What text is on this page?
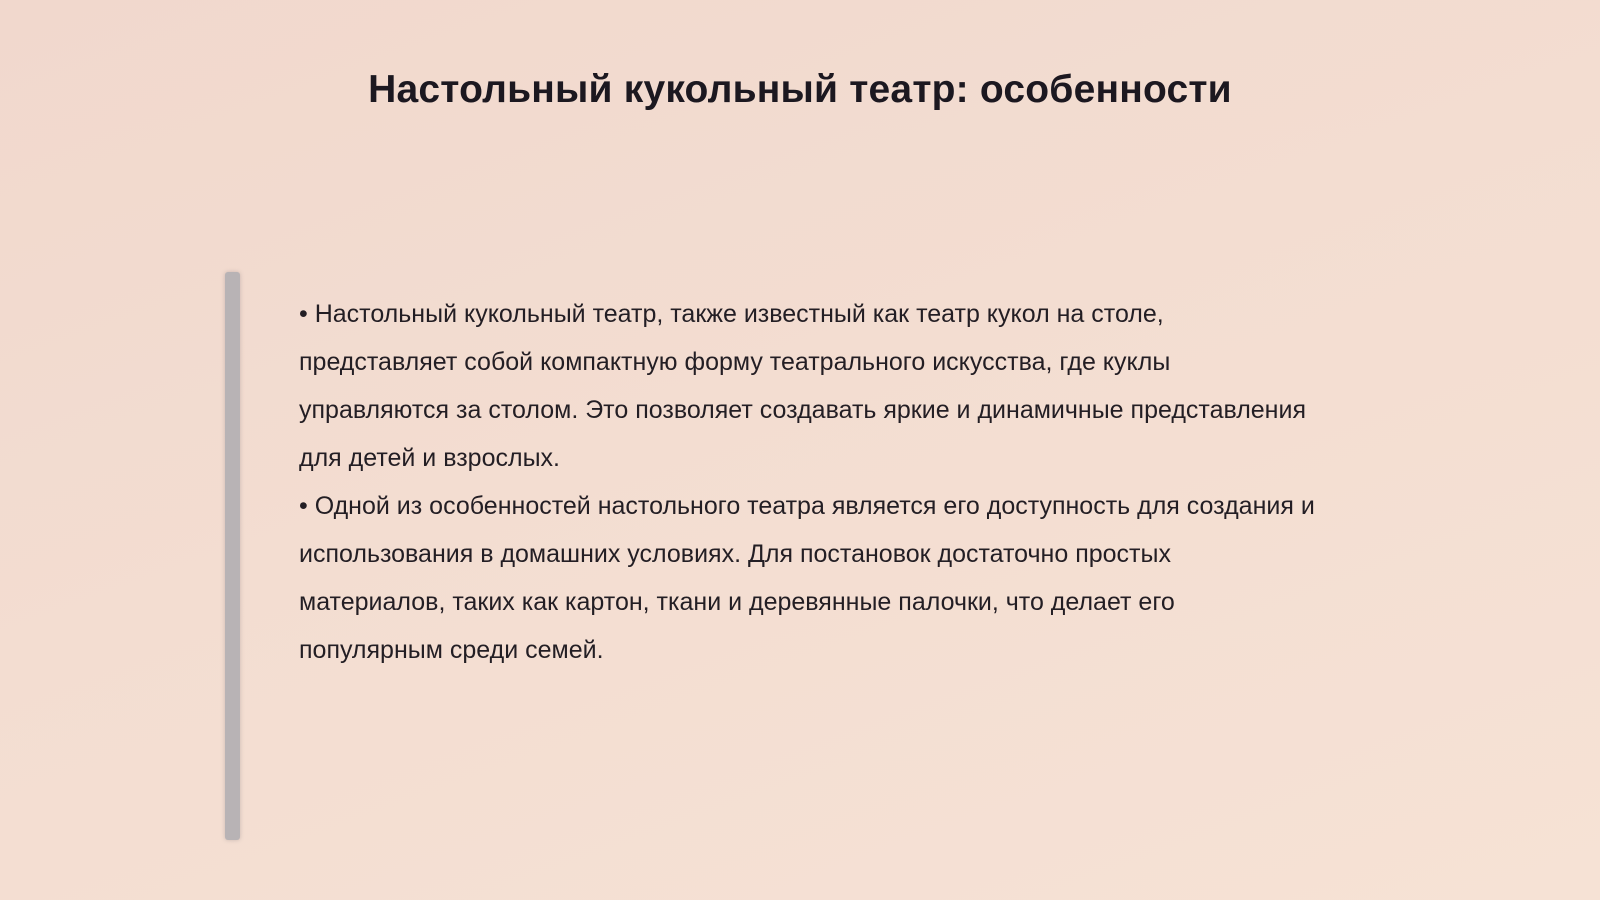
Настольный кукольный театр: особенности

• Настольный кукольный театр, также известный как театр кукол на столе, представляет собой компактную форму театрального искусства, где куклы управляются за столом. Это позволяет создавать яркие и динамичные представления для детей и взрослых.

• Одной из особенностей настольного театра является его доступность для создания и использования в домашних условиях. Для постановок достаточно простых материалов, таких как картон, ткани и деревянные палочки, что делает его популярным среди семей.
